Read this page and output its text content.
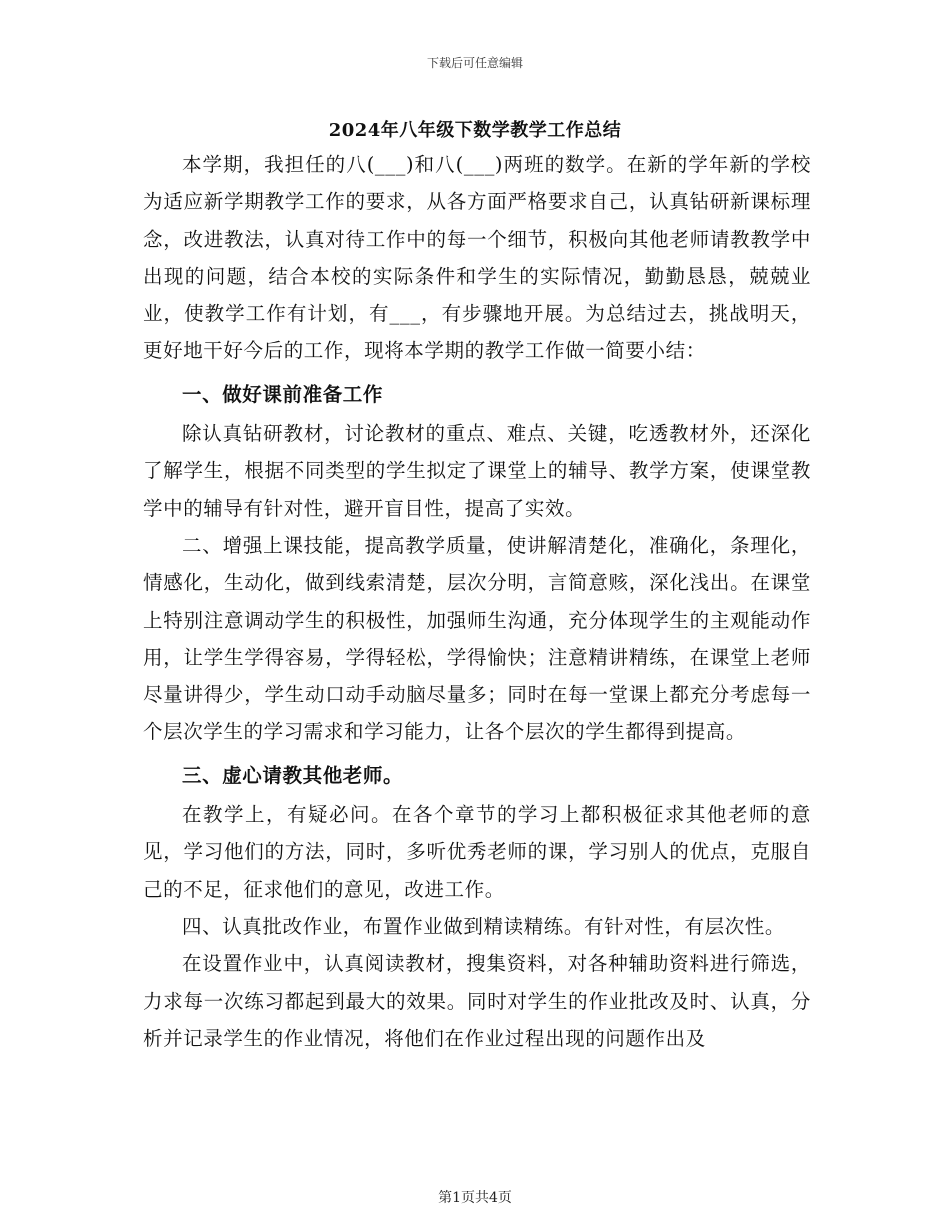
下载后可任意编辑
2024年八年级下数学教学工作总结

本学期，我担任的八(___)和八(___)两班的数学。在新的学年新的学校为适应新学期教学工作的要求，从各方面严格要求自己，认真钻研新课标理念，改进教法，认真对待工作中的每一个细节，积极向其他老师请教教学中出现的问题，结合本校的实际条件和学生的实际情况，勤勤恳恳，兢兢业业，使教学工作有计划，有___，有步骤地开展。为总结过去，挑战明天，更好地干好今后的工作，现将本学期的教学工作做一简要小结：

一、做好课前准备工作

除认真钻研教材，讨论教材的重点、难点、关键，吃透教材外，还深化了解学生，根据不同类型的学生拟定了课堂上的辅导、教学方案，使课堂教学中的辅导有针对性，避开盲目性，提高了实效。

二、增强上课技能，提高教学质量，使讲解清楚化，准确化，条理化，情感化，生动化，做到线索清楚，层次分明，言简意赅，深化浅出。在课堂上特别注意调动学生的积极性，加强师生沟通，充分体现学生的主观能动作用，让学生学得容易，学得轻松，学得愉快；注意精讲精练，在课堂上老师尽量讲得少，学生动口动手动脑尽量多；同时在每一堂课上都充分考虑每一个层次学生的学习需求和学习能力，让各个层次的学生都得到提高。

三、虚心请教其他老师。

在教学上，有疑必问。在各个章节的学习上都积极征求其他老师的意见，学习他们的方法，同时，多听优秀老师的课，学习别人的优点，克服自己的不足，征求他们的意见，改进工作。

四、认真批改作业，布置作业做到精读精练。有针对性，有层次性。

在设置作业中，认真阅读教材，搜集资料，对各种辅助资料进行筛选，力求每一次练习都起到最大的效果。同时对学生的作业批改及时、认真，分析并记录学生的作业情况，将他们在作业过程出现的问题作出及

第1页共4页
